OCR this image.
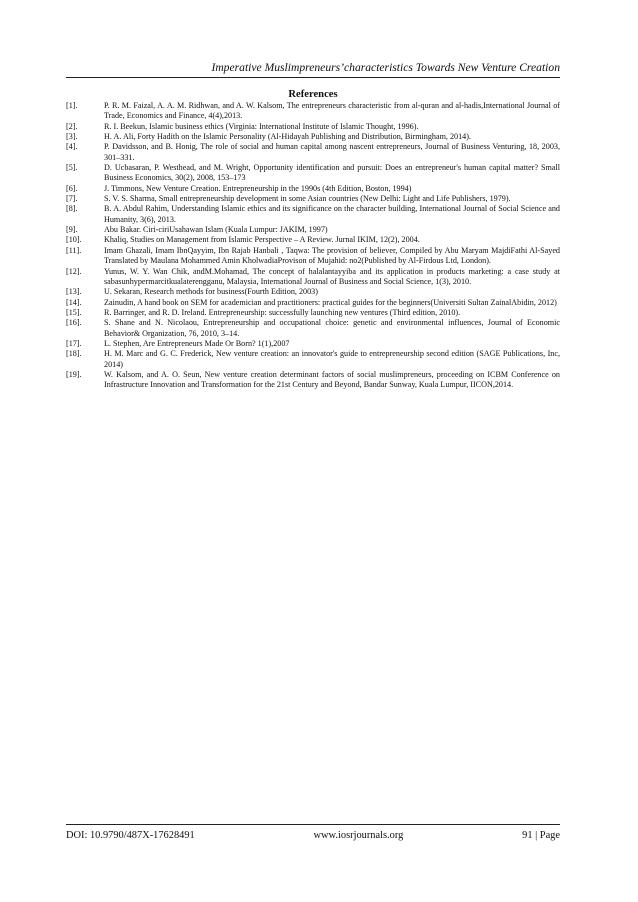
Imperative Muslimpreneurs’characteristics Towards New Venture Creation
References
[1].	P. R. M. Faizal, A. A. M. Ridhwan, and A. W. Kalsom, The entrepreneurs characteristic from al-quran and al-hadis,International Journal of Trade, Economics and Finance, 4(4),2013.
[2].	R. I. Beekun, Islamic business ethics (Virginia: International Institute of Islamic Thought, 1996).
[3].	H. A. Ali, Forty Hadith on the Islamic Personality (Al-Hidayah Publishing and Distribution, Birmingham, 2014).
[4].	P. Davidsson, and B. Honig, The role of social and human capital among nascent entrepreneurs, Journal of Business Venturing, 18, 2003, 301–331.
[5].	D. Ucbasaran, P. Westhead, and M. Wright, Opportunity identification and pursuit: Does an entrepreneur's human capital matter? Small Business Economics, 30(2), 2008, 153–173
[6].	J. Timmons, New Venture Creation. Entrepreneurship in the 1990s (4th Edition, Boston, 1994)
[7].	S. V. S. Sharma, Small entrepreneurship development in some Asian countries (New Delhi: Light and Life Publishers, 1979).
[8].	B. A. Abdul Rahim, Understanding Islamic ethics and its significance on the character building, International Journal of Social Science and Humanity, 3(6), 2013.
[9].	Abu Bakar. Ciri-ciriUsahawan Islam (Kuala Lumpur: JAKIM, 1997)
[10].	Khaliq, Studies on Management from Islamic Perspective – A Review. Jurnal IKIM, 12(2), 2004.
[11].	Imam Ghazali, Imam IbnQayyim, Ibn Rajab Hanbali , Taqwa: The provision of believer, Compiled by Abu Maryam MajdiFathi Al-Sayed Translated by Maulana Mohammed Amin KholwadiaProvison of Mujahid: no2(Published by Al-Firdous Ltd, London).
[12].	Yunus, W. Y. Wan Chik, andM.Mohamad, The concept of halalantayyiba and its application in products marketing: a case study at sabasunhypermarcitkualaterengganu, Malaysia, International Journal of Business and Social Science, 1(3), 2010.
[13].	U. Sekaran, Research methods for business(Fourth Edition, 2003)
[14].	Zainudin, A hand book on SEM for academician and practitioners: practical guides for the beginners(Universiti Sultan ZainalAbidin, 2012)
[15].	R. Barringer, and R. D. Ireland. Entrepreneurship: successfully launching new ventures (Third edition, 2010).
[16].	S. Shane and N. Nicolaou, Entrepreneurship and occupational choice: genetic and environmental influences, Journal of Economic Behavior& Organization, 76, 2010, 3–14.
[17].	L. Stephen, Are Entrepreneurs Made Or Born? 1(1),2007
[18].	H. M. Marc and G. C. Frederick, New venture creation: an innovator's guide to entrepreneurship second edition (SAGE Publications, Inc, 2014)
[19].	W. Kalsom, and A. O. Seun, New venture creation determinant factors of social muslimpreneurs, proceeding on ICBM Conference on Infrastructure Innovation and Transformation for the 21st Century and Beyond, Bandar Sunway, Kuala Lumpur, IICON,2014.
DOI: 10.9790/487X-17628491	www.iosrjournals.org	91 | Page
